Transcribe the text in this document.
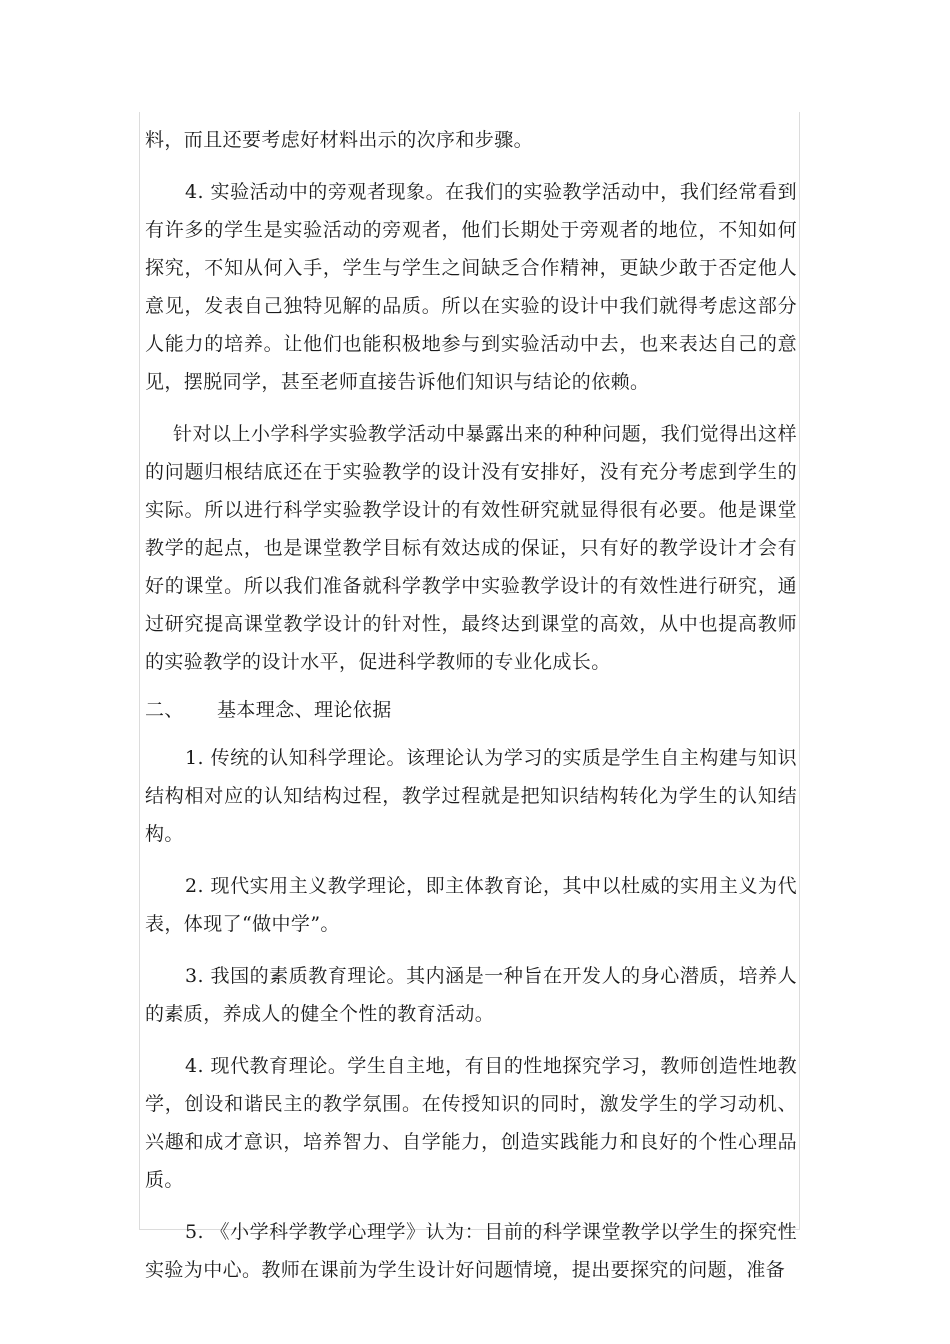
料，而且还要考虑好材料出示的次序和步骤。

4. 实验活动中的旁观者现象。在我们的实验教学活动中，我们经常看到有许多的学生是实验活动的旁观者，他们长期处于旁观者的地位，不知如何探究，不知从何入手，学生与学生之间缺乏合作精神，更缺少敢于否定他人意见，发表自己独特见解的品质。所以在实验的设计中我们就得考虑这部分人能力的培养。让他们也能积极地参与到实验活动中去，也来表达自己的意见，摆脱同学，甚至老师直接告诉他们知识与结论的依赖。

针对以上小学科学实验教学活动中暴露出来的种种问题，我们觉得出这样的问题归根结底还在于实验教学的设计没有安排好，没有充分考虑到学生的实际。所以进行科学实验教学设计的有效性研究就显得很有必要。他是课堂教学的起点，也是课堂教学目标有效达成的保证，只有好的教学设计才会有好的课堂。所以我们准备就科学教学中实验教学设计的有效性进行研究，通过研究提高课堂教学设计的针对性，最终达到课堂的高效，从中也提高教师的实验教学的设计水平，促进科学教师的专业化成长。

二、	基本理念、理论依据

1. 传统的认知科学理论。该理论认为学习的实质是学生自主构建与知识结构相对应的认知结构过程，教学过程就是把知识结构转化为学生的认知结构。

2. 现代实用主义教学理论，即主体教育论，其中以杜威的实用主义为代表，体现了“做中学”。

3. 我国的素质教育理论。其内涵是一种旨在开发人的身心潜质，培养人的素质，养成人的健全个性的教育活动。

4. 现代教育理论。学生自主地，有目的性地探究学习，教师创造性地教学，创设和谐民主的教学氛围。在传授知识的同时，激发学生的学习动机、兴趣和成才意识，培养智力、自学能力，创造实践能力和良好的个性心理品质。

5. 《小学科学教学心理学》认为：目前的科学课堂教学以学生的探究性实验为中心。教师在课前为学生设计好问题情境，提出要探究的问题，准备
